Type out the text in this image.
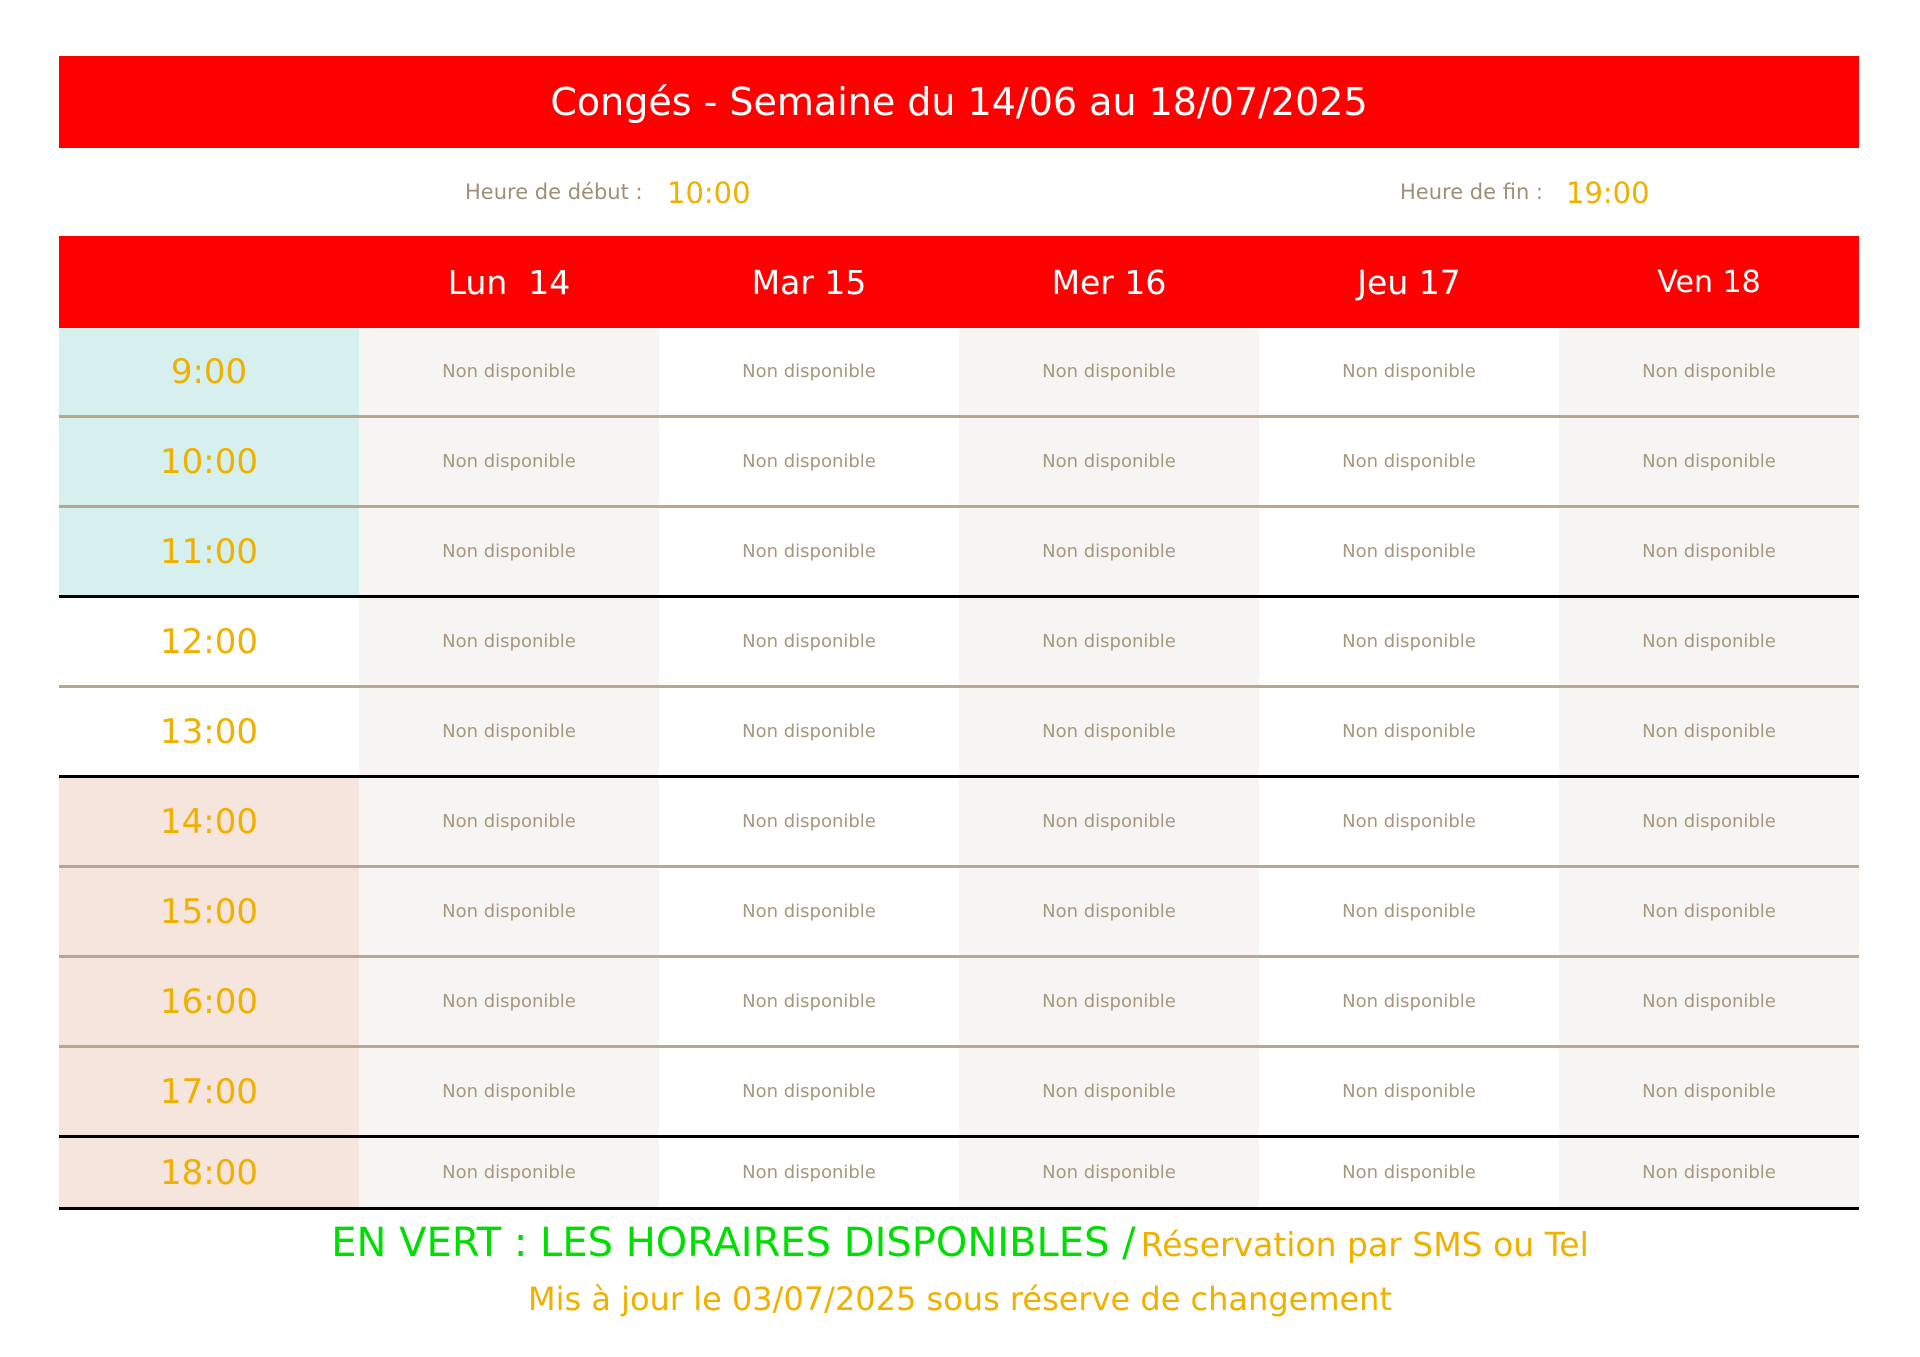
Congés - Semaine du 14/06 au 18/07/2025
Heure de début : 10:00	Heure de fin : 19:00
Lun  14	Mar 15	Mer 16	Jeu 17	Ven 18
9:00	Non disponible	Non disponible	Non disponible	Non disponible	Non disponible
10:00	Non disponible	Non disponible	Non disponible	Non disponible	Non disponible
11:00	Non disponible	Non disponible	Non disponible	Non disponible	Non disponible
12:00	Non disponible	Non disponible	Non disponible	Non disponible	Non disponible
13:00	Non disponible	Non disponible	Non disponible	Non disponible	Non disponible
14:00	Non disponible	Non disponible	Non disponible	Non disponible	Non disponible
15:00	Non disponible	Non disponible	Non disponible	Non disponible	Non disponible
16:00	Non disponible	Non disponible	Non disponible	Non disponible	Non disponible
17:00	Non disponible	Non disponible	Non disponible	Non disponible	Non disponible
18:00	Non disponible	Non disponible	Non disponible	Non disponible	Non disponible
EN VERT : LES HORAIRES DISPONIBLES / Réservation par SMS ou Tel
Mis à jour le 03/07/2025 sous réserve de changement
